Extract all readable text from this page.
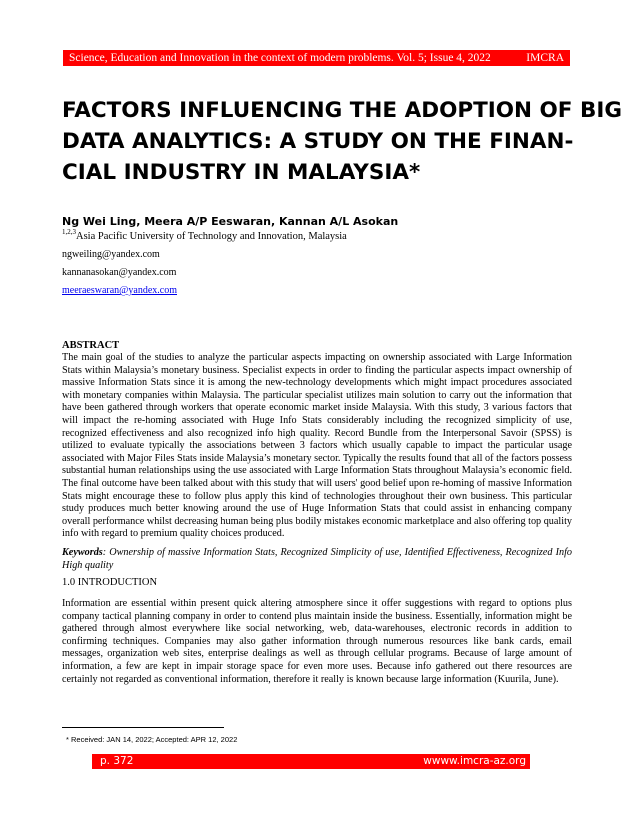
Science, Education and Innovation in the context of modern problems. Vol. 5; Issue 4, 2022	IMCRA
FACTORS INFLUENCING THE ADOPTION OF BIG
DATA ANALYTICS: A STUDY ON THE FINAN-
CIAL INDUSTRY IN MALAYSIA*
Ng Wei Ling, Meera A/P Eeswaran, Kannan A/L Asokan
$^{1,2,3}$Asia Pacific University of Technology and Innovation, Malaysia
ngweiling@yandex.com
kannanasokan@yandex.com
meeraeswaran@yandex.com
ABSTRACT

The main goal of the studies to analyze the particular aspects impacting on ownership associated with Large Information Stats within Malaysia’s monetary business. Specialist expects in order to finding the particular aspects impact ownership of massive Information Stats since it is among the new-technology developments which might impact procedures associated with monetary companies within Malaysia. The particular specialist utilizes main solution to carry out the information that have been gathered through workers that operate economic market inside Malaysia. With this study, 3 various factors that will impact the re-homing associated with Huge Info Stats considerably including the recognized simplicity of use, recognized effectiveness and also recognized info high quality. Record Bundle from the Interpersonal Savoir (SPSS) is utilized to evaluate typically the associations between 3 factors which usually capable to impact the particular usage associated with Major Files Stats inside Malaysia’s monetary sector. Typically the results found that all of the factors possess substantial human relationships using the use associated with Large Information Stats throughout Malaysia’s economic field. The final outcome have been talked about with this study that will users' good belief upon re-homing of massive Information Stats might encourage these to follow plus apply this kind of technologies throughout their own business. This particular study produces much better knowing around the use of Huge Information Stats that could assist in enhancing company overall performance whilst decreasing human being plus bodily mistakes economic marketplace and also offering top quality info with regard to premium quality choices produced.

Keywords: Ownership of massive Information Stats, Recognized Simplicity of use, Identified Effectiveness, Recognized Info High quality

1.0 INTRODUCTION

Information are essential within present quick altering atmosphere since it offer suggestions with regard to options plus company tactical planning company in order to contend plus maintain inside the business. Essentially, information might be gathered through almost everywhere like social networking, web, data-warehouses, electronic records in addition to confirming techniques. Companies may also gather information through numerous resources like bank cards, email messages, organization web sites, enterprise dealings as well as through cellular programs. Because of large amount of information, a few are kept in impair storage space for even more uses. Because info gathered out there resources are certainly not regarded as conventional information, therefore it really is known because large information (Kuurila, June).

* Received: JAN 14, 2022; Accepted: APR 12, 2022
p. 372	wwww.imcra-az.org
